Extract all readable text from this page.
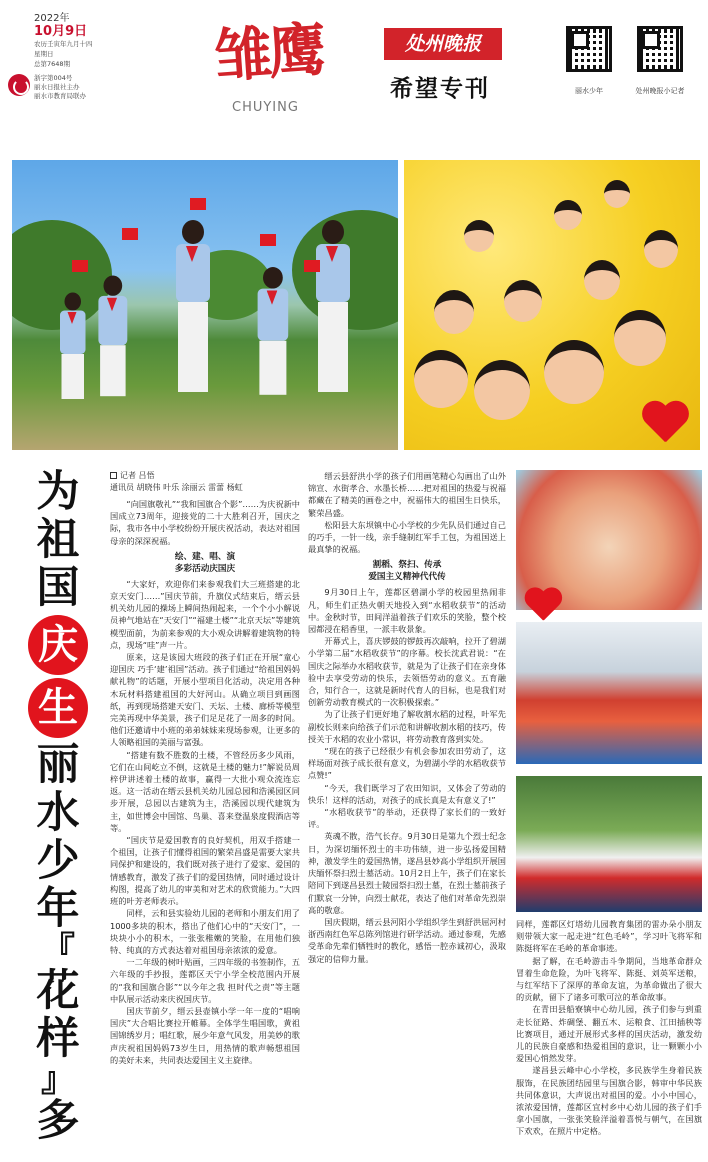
2022年
10月9日
农历壬寅年九月十四
星期日
总第7648期
浙字第004号
丽水日报社主办
丽水市教育局联办
雏鹰
CHUYING
处州晚报
希望专刊	丽水少年	处州晚报小记者
为
祖
国
庆
生
丽
水
少
年
『
花
样
』
多
记者 吕悟
通讯员 胡晓伟 叶乐 涂丽云 雷蕾 杨虹

“向国旗敬礼”“我和国旗合个影”……为庆祝新中国成立73周年，迎接党的二十大胜利召开，国庆之际，我市各中小学校纷纷开展庆祝活动，表达对祖国母亲的深深祝福。

绘、建、唱、演
多彩活动庆国庆

“大家好，欢迎你们来参观我们大三班搭建的北京天安门……”国庆节前，升旗仪式结束后，缙云县机关幼儿园的操场上瞬间热闹起来，一个个小小解说员神气地站在“天安门”“福建土楼”“北京天坛”等建筑模型面前，为前来参观的大小观众讲解着建筑物的特点，现场“哇”声一片。

原来，这是该园大班段的孩子们正在开展“童心迎国庆 巧手‘建’祖国”活动。孩子们通过“给祖国妈妈献礼物”的话题，开展小型项目化活动，决定用各种木玩材料搭建祖国的大好河山。从确立项目到画图纸，再到现场搭建天安门、天坛、土楼、廊桥等模型完美再现中华美景，孩子们足足花了一周多的时间。他们还邀请中小班的弟弟妹妹来现场参观，让更多的人领略祖国的美丽与富强。

“搭建有数不胜数的土楼，不管经历多少风雨，它们在山间屹立不倒，这就是土楼的魅力!”解说员周梓伊讲述着土楼的故事，赢得一大批小观众流连忘返。这一活动在缙云县机关幼儿园总园和浩溪园区同步开展，总园以古建筑为主，浩溪园以现代建筑为主，如世博会中国馆、鸟巢、喜来登温泉度假酒店等等。

“国庆节是爱国教育的良好契机，用双手搭建一个祖国，让孩子们懂得祖国的繁荣昌盛是需要大家共同保护和建设的，我们既对孩子进行了爱家、爱国的情感教育，激发了孩子们的爱国热情，同时通过设计构图，提高了幼儿的审美和对艺术的欣赏能力。”大四班的叶芳老师表示。

同样，云和县实验幼儿园的老师和小朋友们用了1000多块的积木，搭出了他们心中的“天安门”，一块块小小的积木，一张张稚嫩的笑脸，在用他们独特、纯真的方式表达着对祖国母亲浓浓的爱意。

一二年级的树叶贴画，三四年级的书签制作，五六年级的手抄报，莲都区天宁小学全校范围内开展的“我和国旗合影”“以今年之我 担时代之责”等主题中队展示活动来庆祝国庆节。

国庆节前夕，缙云县壶镇小学一年一度的“唱响国庆”大合唱比赛拉开帷幕。全体学生唱国歌，黄祖国锦绣岁月；唱红歌，展少年意气风发，用美妙的歌声庆祝祖国妈妈73岁生日，用热情的歌声畅想祖国的美好未来，共同表达爱国主义主旋律。

缙云县舒洪小学的孩子们用画笔精心勾画出了山外锦宣、水街孝合、水墨长桥……把对祖国的热爱与祝福都藏在了精美的画卷之中，祝福伟大的祖国生日快乐，繁荣昌盛。

松阳县大东坝镇中心小学校的少先队员们通过自己的巧手，一针一线，亲手缝制红军手工包，为祖国送上最真挚的祝福。

割稻、祭扫、传承
爱国主义精神代代传

9月30日上午，莲都区碧湖小学的校园里热闹非凡，师生们正热火朝天地投入到“水稻收获节”的活动中。金秋时节，田间洋溢着孩子们欢乐的笑脸，整个校园都浸在稻香里，一派丰收景象。

开幕式上，喜庆锣鼓的锣鼓再次敲响，拉开了碧湖小学第二届“水稻收获节”的序幕。校长沈武君说：“在国庆之际举办水稻收获节，就是为了让孩子们在亲身体验中去享受劳动的快乐，去领悟劳动的意义。五育融合，知行合一，这就是新时代育人的目标，也是我们对创新劳动教育模式的一次积极探索。”

为了让孩子们更好地了解收割水稻的过程，叶军先副校长则来向给孩子们示范和讲解收割水稻的技巧，传授关于水稻的农业小常识，将劳动教育落到实处。

“现在的孩子已经很少有机会参加农田劳动了，这样场面对孩子成长很有意义，为碧湖小学的水稻收获节点赞!”

“今天，我们既学习了农田知识，又体会了劳动的快乐！这样的活动，对孩子的成长真是太有意义了!”

“水稻收获节”的举动，还获得了家长们的一致好评。

英魂不散，浩气长存。9月30日是第九个烈士纪念日，为深切缅怀烈士的丰功伟绩，进一步弘扬爱国精神，激发学生的爱国热情，遂昌县妙高小学组织开展国庆缅怀祭扫烈士墓活动。10月2日上午，孩子们在家长陪同下到遂昌县烈士陵园祭扫烈士墓，在烈士墓前孩子们默哀一分钟，向烈士献花，表达了他们对革命先烈崇高的敬意。

国庆假期，缙云县河阳小学组织学生到舒洪屈河村浙西南红色军总陈列馆进行研学活动。通过参观，先感受革命先辈们牺牲时的教化，感悟一腔赤诚初心，汲取强定的信仰力量。

同样，莲都区灯塔幼儿园教育集团的雷办朵小朋友则带领大家一起走进“红色毛岭”，学习叶飞将军和陈挺将军在毛岭的革命事迹。

据了解，在毛岭游击斗争期间，当地革命群众冒着生命危险，为叶飞将军、陈挺、刘英军送粮，与红军结下了深厚的革命友谊，为革命做出了很大的贡献，留下了诸多可歌可泣的革命故事。

在青田县船寮镇中心幼儿园，孩子们参与到重走长征路、炸碉堡、翻五木、运粮食、江田插秧等比赛项目，通过开展形式多样的国庆活动，激发幼儿的民族自豪感和热爱祖国的意识，让一颗颗小小爱国心悄然发芽。

遂昌县云峰中心小学校，多民族学生身着民族服饰，在民族团结园里与国旗合影，韩审中华民族共同体意识，大声说出对祖国的爱。小小中国心，浓浓爱国情，莲都区宜村乡中心幼儿园的孩子们手拿小国旗，一张张笑脸洋溢着喜悦与朝气，在国旗下欢欢，在照片中定格。
